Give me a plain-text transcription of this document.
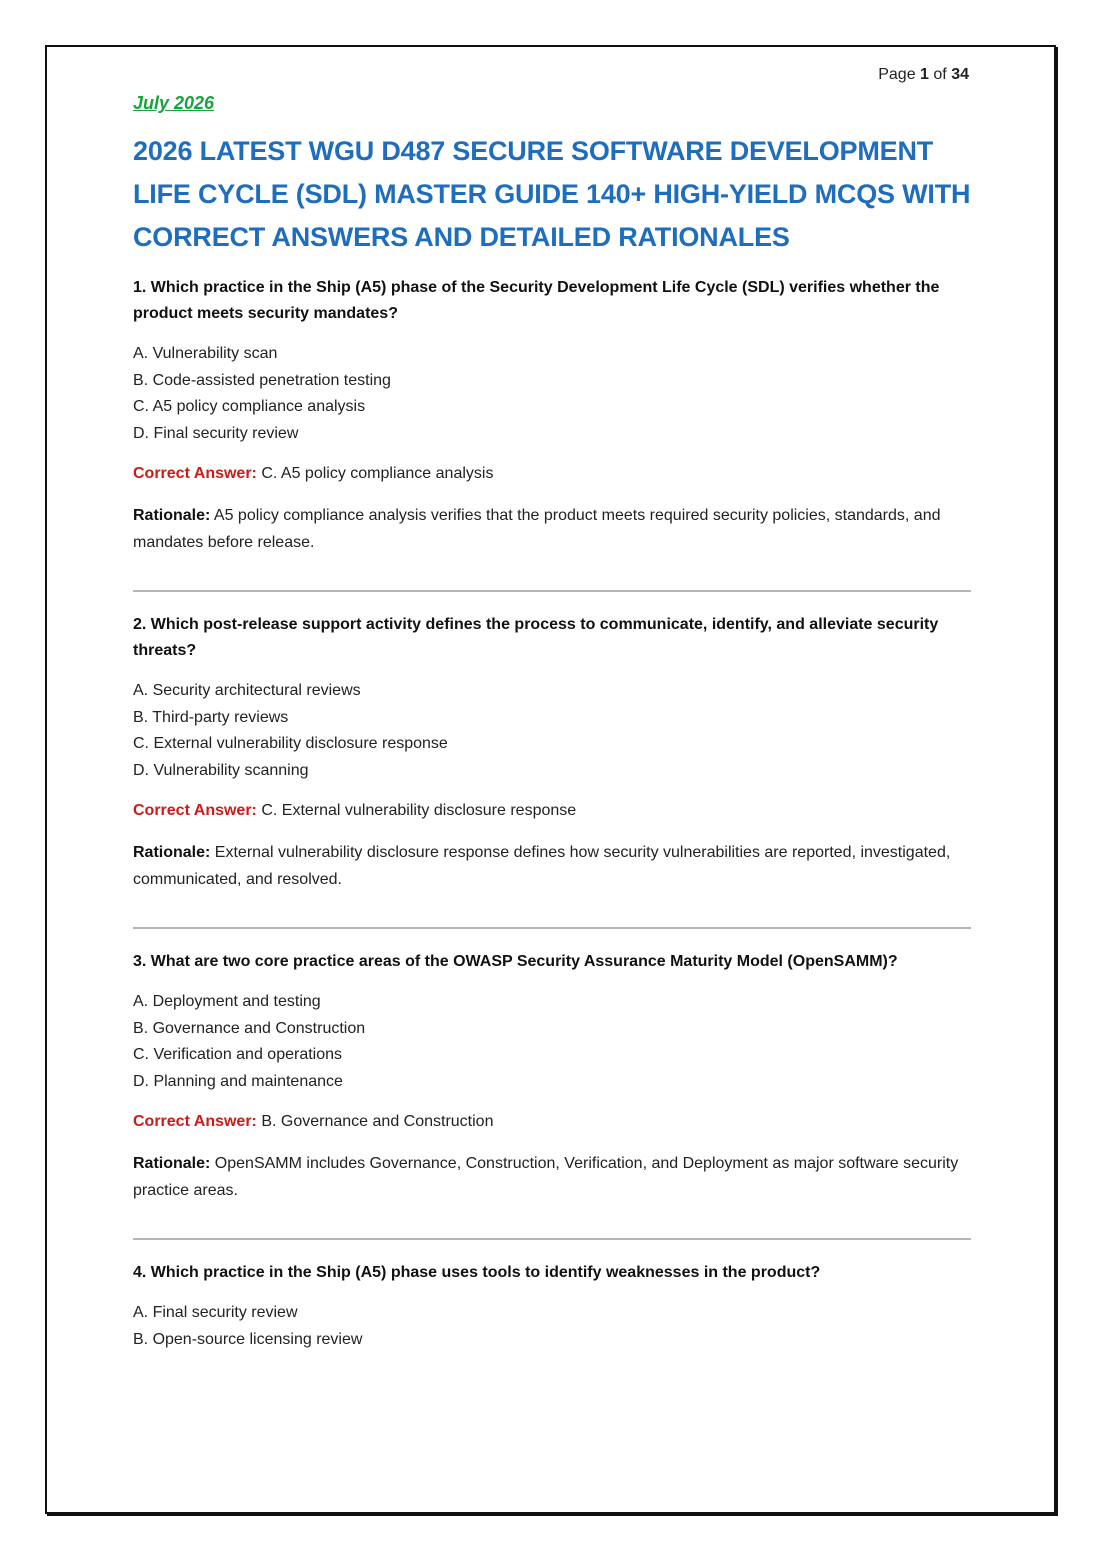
Page 1 of 34
July 2026
2026 LATEST WGU D487 SECURE SOFTWARE DEVELOPMENT LIFE CYCLE (SDL) MASTER GUIDE 140+ HIGH-YIELD MCQS WITH CORRECT ANSWERS AND DETAILED RATIONALES

1. Which practice in the Ship (A5) phase of the Security Development Life Cycle (SDL) verifies whether the product meets security mandates?

A. Vulnerability scan
B. Code-assisted penetration testing
C. A5 policy compliance analysis
D. Final security review

Correct Answer: C. A5 policy compliance analysis

Rationale: A5 policy compliance analysis verifies that the product meets required security policies, standards, and mandates before release.

2. Which post-release support activity defines the process to communicate, identify, and alleviate security threats?

A. Security architectural reviews
B. Third-party reviews
C. External vulnerability disclosure response
D. Vulnerability scanning

Correct Answer: C. External vulnerability disclosure response

Rationale: External vulnerability disclosure response defines how security vulnerabilities are reported, investigated, communicated, and resolved.

3. What are two core practice areas of the OWASP Security Assurance Maturity Model (OpenSAMM)?

A. Deployment and testing
B. Governance and Construction
C. Verification and operations
D. Planning and maintenance

Correct Answer: B. Governance and Construction

Rationale: OpenSAMM includes Governance, Construction, Verification, and Deployment as major software security practice areas.

4. Which practice in the Ship (A5) phase uses tools to identify weaknesses in the product?

A. Final security review
B. Open-source licensing review
